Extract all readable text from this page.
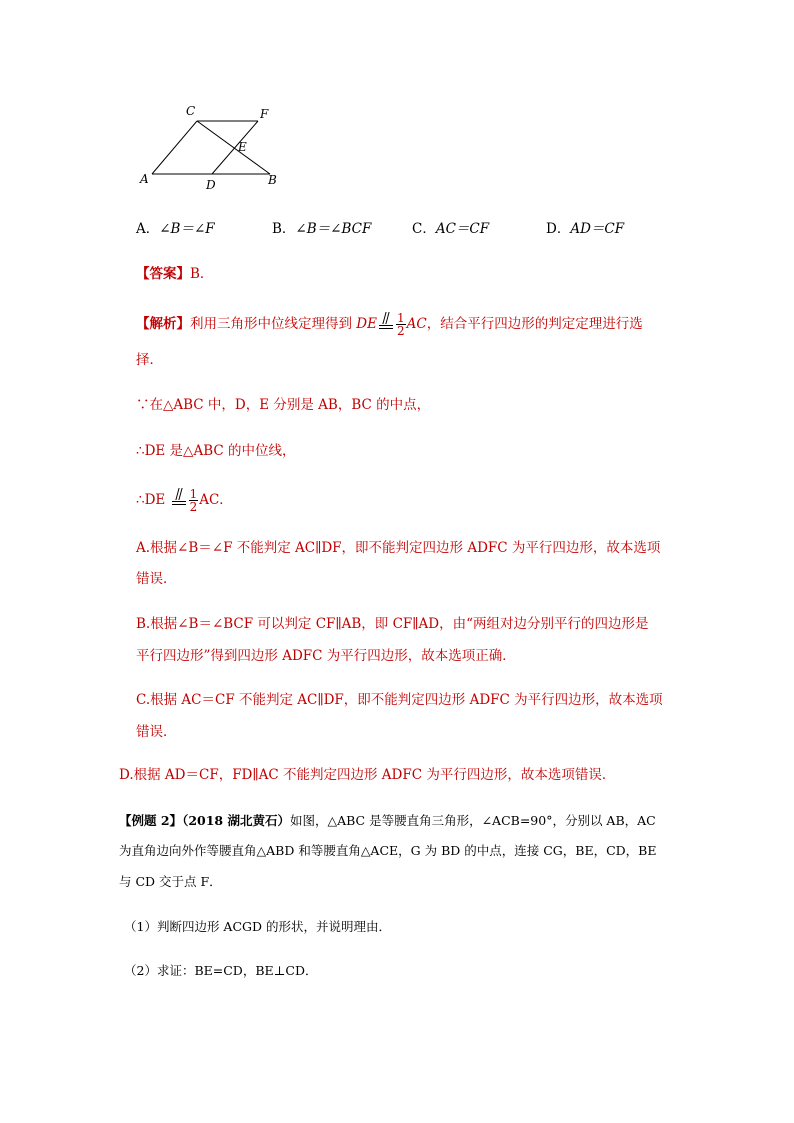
C	F
E
A	D	B
A．∠B＝∠F	B．∠B＝∠BCF	C．AC＝CF	D．AD＝CF
【答案】B．
【解析】利用三角形中位线定理得到 DE $\frac{1}{2}$ AC，结合平行四边形的判定定理进行选
择．
∵在△ABC 中，D，E 分别是 AB，BC 的中点，
∴DE 是△ABC 的中位线，
∴DE $\frac{1}{2}$ AC．
A.根据∠B＝∠F 不能判定 AC∥DF，即不能判定四边形 ADFC 为平行四边形，故本选项
错误．
B.根据∠B＝∠BCF 可以判定 CF∥AB，即 CF∥AD，由“两组对边分别平行的四边形是
平行四边形”得到四边形 ADFC 为平行四边形，故本选项正确．
C.根据 AC＝CF 不能判定 AC∥DF，即不能判定四边形 ADFC 为平行四边形，故本选项
错误．
D.根据 AD＝CF，FD∥AC 不能判定四边形 ADFC 为平行四边形，故本选项错误．
【例题 2】（2018 湖北黄石）如图，△ABC 是等腰直角三角形，∠ACB=90°，分别以 AB，AC
为直角边向外作等腰直角△ABD 和等腰直角△ACE，G 为 BD 的中点，连接 CG，BE，CD，BE
与 CD 交于点 F．
（1）判断四边形 ACGD 的形状，并说明理由．
（2）求证：BE=CD，BE⊥CD．
